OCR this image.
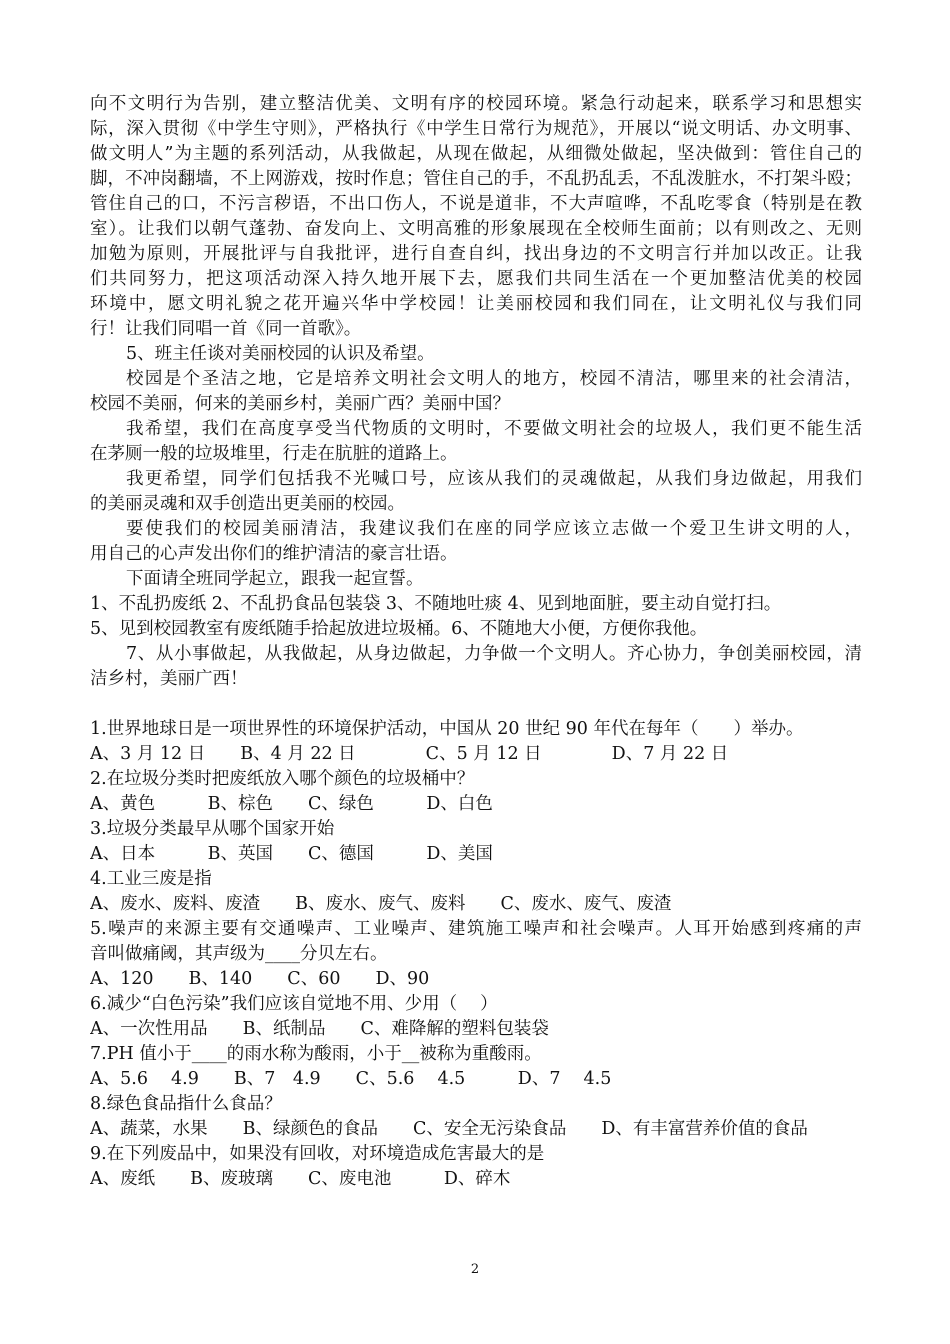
向不文明行为告别，建立整洁优美、文明有序的校园环境。紧急行动起来，联系学习和思想实
际，深入贯彻《中学生守则》，严格执行《中学生日常行为规范》，开展以“说文明话、办文明事、
做文明人”为主题的系列活动，从我做起，从现在做起，从细微处做起，坚决做到：管住自己的
脚，不冲岗翻墙，不上网游戏，按时作息；管住自己的手，不乱扔乱丢，不乱泼脏水，不打架斗殴；
管住自己的口，不污言秽语，不出口伤人，不说是道非，不大声喧哗，不乱吃零食（特别是在教
室）。让我们以朝气蓬勃、奋发向上、文明高雅的形象展现在全校师生面前；以有则改之、无则
加勉为原则，开展批评与自我批评，进行自查自纠，找出身边的不文明言行并加以改正。让我
们共同努力，把这项活动深入持久地开展下去，愿我们共同生活在一个更加整洁优美的校园
环境中，愿文明礼貌之花开遍兴华中学校园！让美丽校园和我们同在，让文明礼仪与我们同
行！让我们同唱一首《同一首歌》。
5、班主任谈对美丽校园的认识及希望。
校园是个圣洁之地，它是培养文明社会文明人的地方，校园不清洁，哪里来的社会清洁，
校园不美丽，何来的美丽乡村，美丽广西？美丽中国？
我希望，我们在高度享受当代物质的文明时，不要做文明社会的垃圾人，我们更不能生活
在茅厕一般的垃圾堆里，行走在肮脏的道路上。
我更希望，同学们包括我不光喊口号，应该从我们的灵魂做起，从我们身边做起，用我们
的美丽灵魂和双手创造出更美丽的校园。
要使我们的校园美丽清洁，我建议我们在座的同学应该立志做一个爱卫生讲文明的人，
用自己的心声发出你们的维护清洁的豪言壮语。
下面请全班同学起立，跟我一起宣誓。
1、不乱扔废纸 2、不乱扔食品包装袋 3、不随地吐痰 4、见到地面脏，要主动自觉打扫。
5、见到校园教室有废纸随手拾起放进垃圾桶。6、不随地大小便，方便你我他。
7、从小事做起，从我做起，从身边做起，力争做一个文明人。齐心协力，争创美丽校园，清
洁乡村，美丽广西！
1.世界地球日是一项世界性的环境保护活动，中国从 20 世纪 90 年代在每年（　　）举办。
A、3 月 12 日　　B、4 月 22 日　　　　C、5 月 12 日　　　　D、7 月 22 日
2.在垃圾分类时把废纸放入哪个颜色的垃圾桶中？
A、黄色　　　B、棕色　　C、绿色　　　D、白色
3.垃圾分类最早从哪个国家开始
A、日本　　　B、英国　　C、德国　　　D、美国
4.工业三废是指
A、废水、废料、废渣　　B、废水、废气、废料　　C、废水、废气、废渣
5.噪声的来源主要有交通噪声、工业噪声、建筑施工噪声和社会噪声。人耳开始感到疼痛的声
音叫做痛阈，其声级为____分贝左右。
A、120　　B、140　　C、60　　D、90
6.减少“白色污染”我们应该自觉地不用、少用（　 ）
A、一次性用品　　B、纸制品　　C、难降解的塑料包装袋
7.PH 值小于____的雨水称为酸雨，小于__被称为重酸雨。
A、5.6　 4.9　　B、7　4.9　　C、5.6　 4.5　　　D、7　 4.5
8.绿色食品指什么食品？
A、蔬菜，水果　　B、绿颜色的食品　　C、安全无污染食品　　D、有丰富营养价值的食品
9.在下列废品中，如果没有回收，对环境造成危害最大的是
A、废纸　　B、废玻璃　　C、废电池　　　D、碎木
2
